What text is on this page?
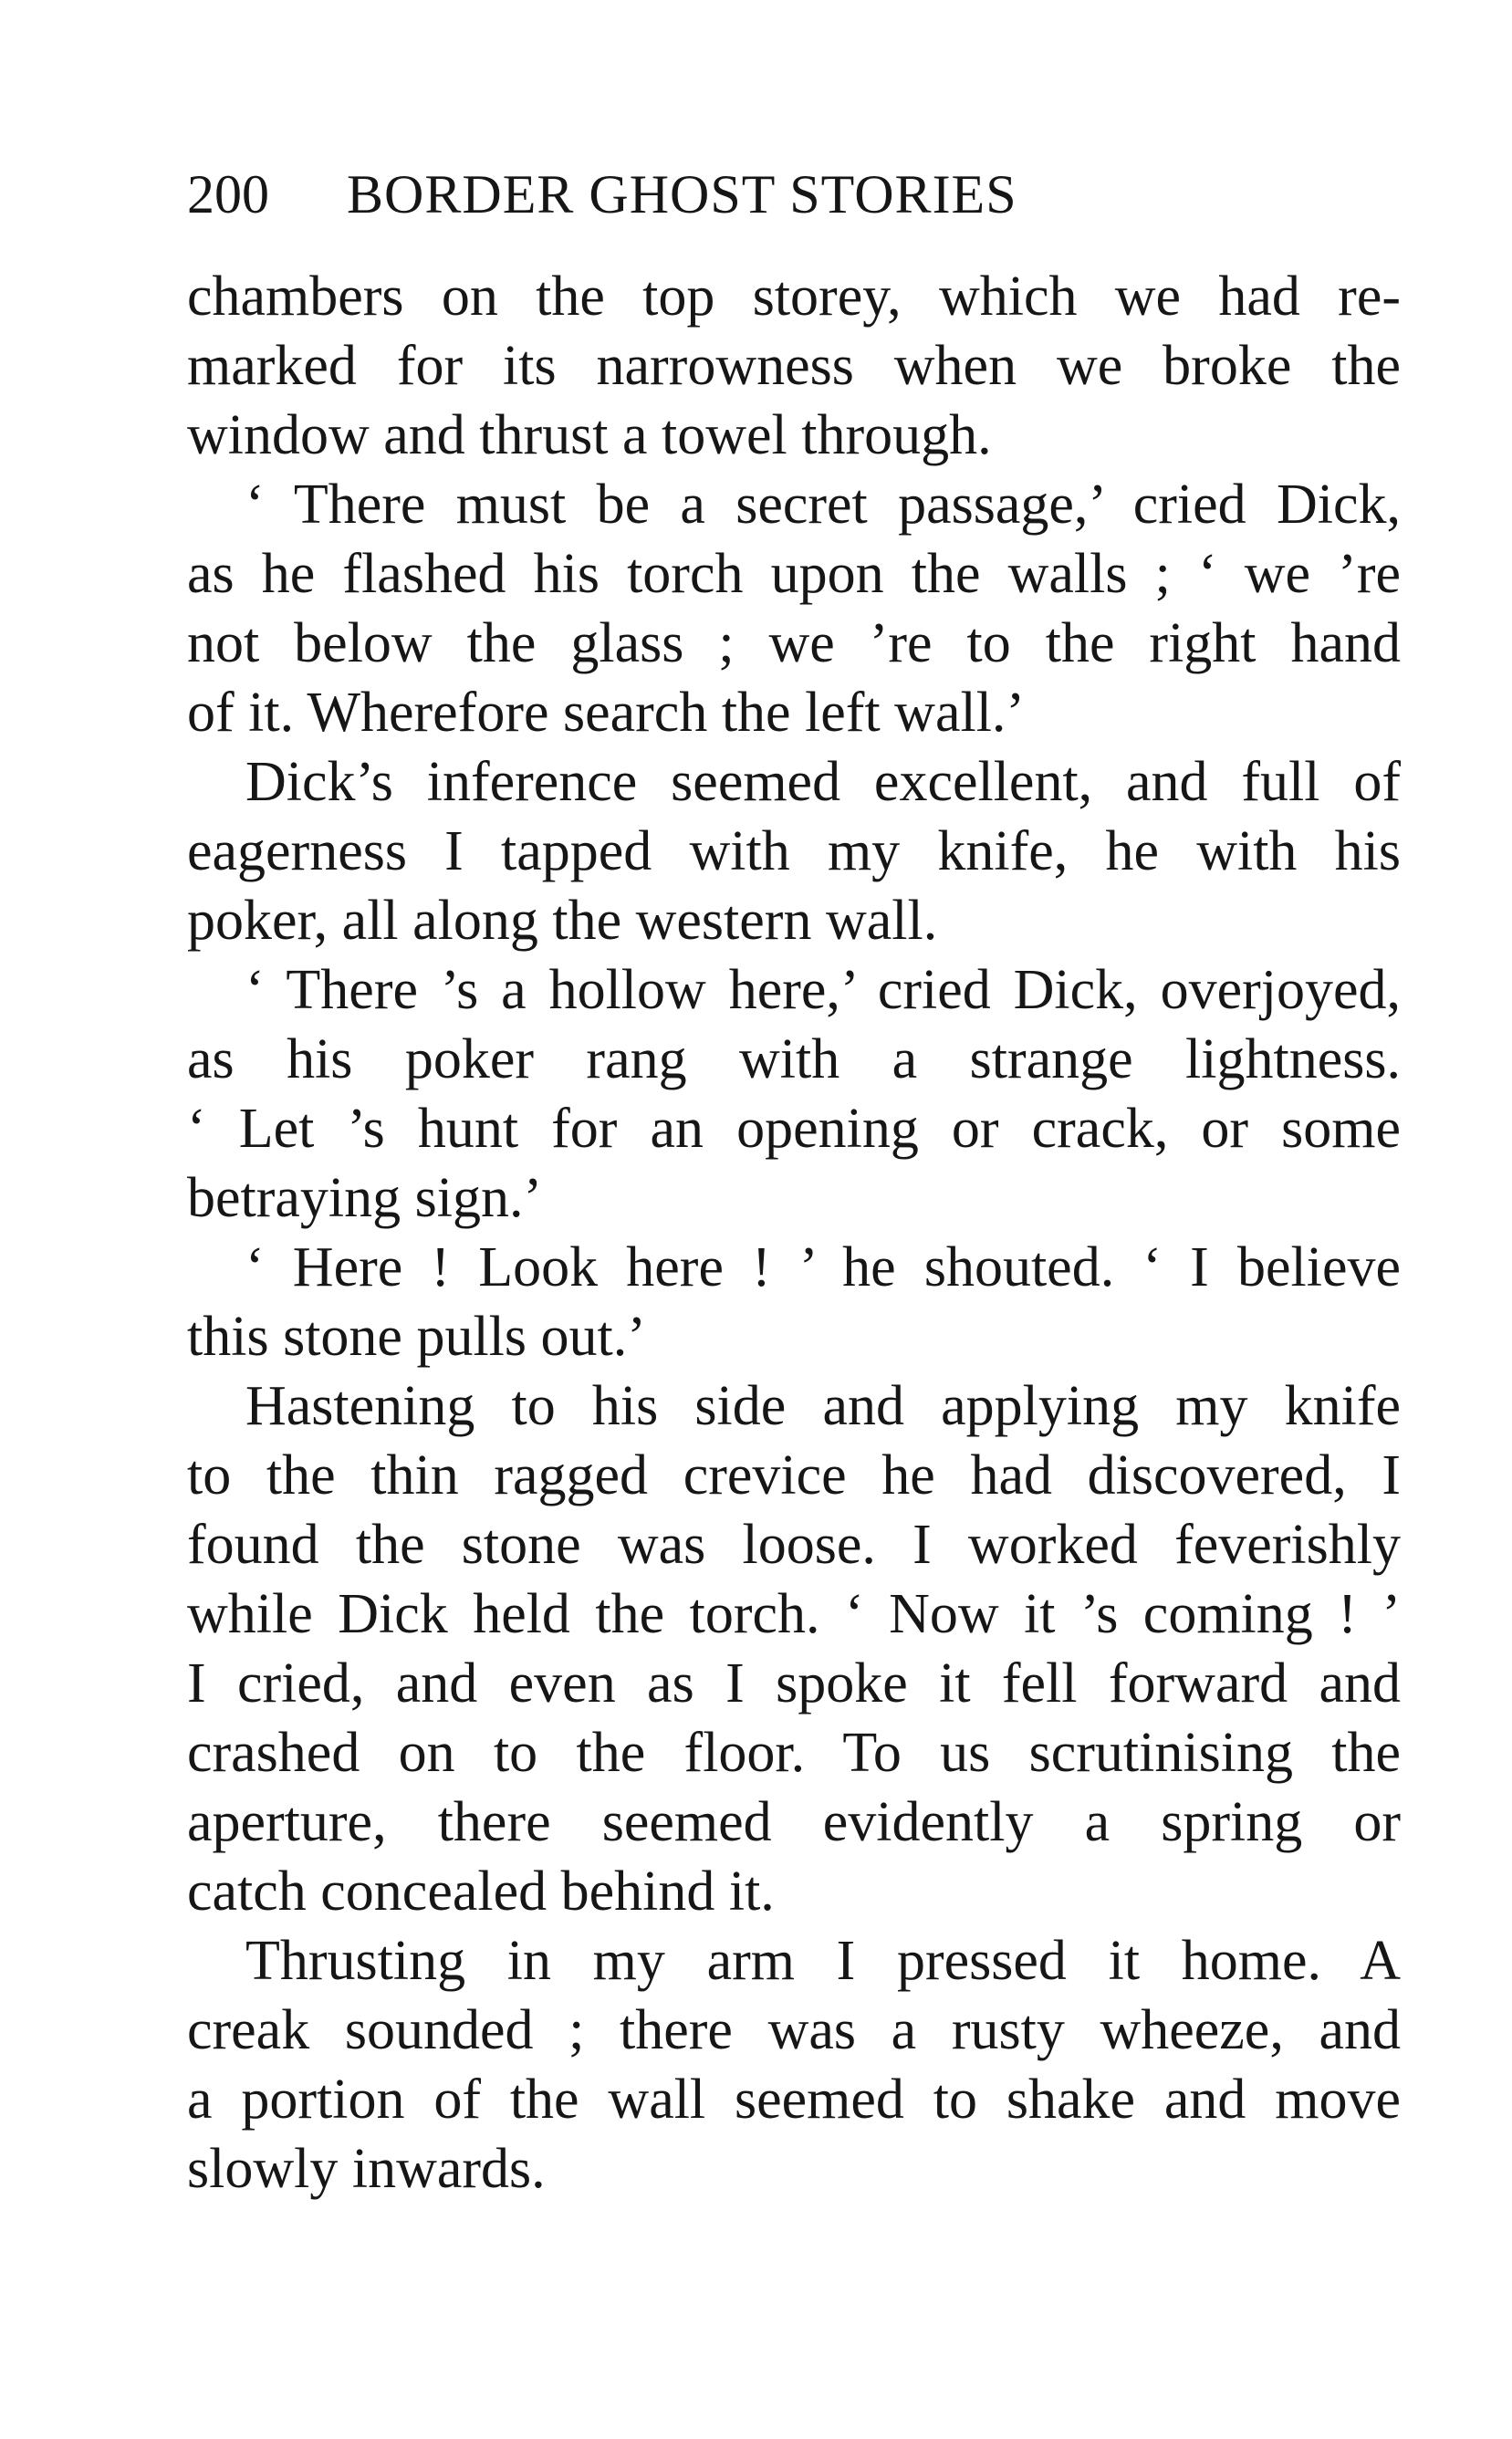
200 BORDER GHOST STORIES
chambers on the top storey, which we had re-
marked for its narrowness when we broke the
window and thrust a towel through.
‘ There must be a secret passage,’ cried Dick,
as he flashed his torch upon the walls ; ‘ we ’re
not below the glass ; we ’re to the right hand
of it. Wherefore search the left wall.’
Dick’s inference seemed excellent, and full of
eagerness I tapped with my knife, he with his
poker, all along the western wall.
‘ There ’s a hollow here,’ cried Dick, overjoyed,
as his poker rang with a strange lightness.
‘ Let ’s hunt for an opening or crack, or some
betraying sign.’
‘ Here ! Look here ! ’ he shouted. ‘ I believe
this stone pulls out.’
Hastening to his side and applying my knife
to the thin ragged crevice he had discovered, I
found the stone was loose. I worked feverishly
while Dick held the torch. ‘ Now it ’s coming ! ’
I cried, and even as I spoke it fell forward and
crashed on to the floor. To us scrutinising the
aperture, there seemed evidently a spring or
catch concealed behind it.
Thrusting in my arm I pressed it home. A
creak sounded ; there was a rusty wheeze, and
a portion of the wall seemed to shake and move
slowly inwards.
